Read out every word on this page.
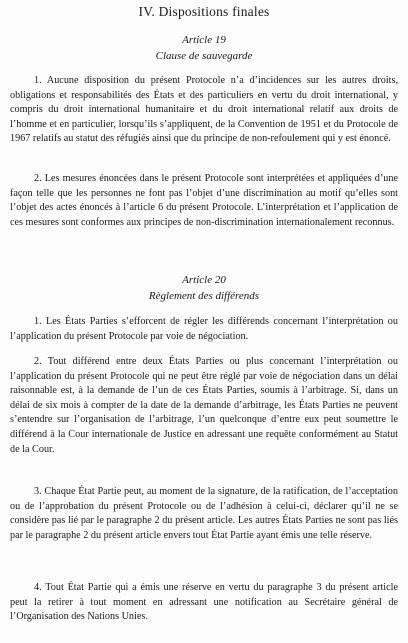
IV. Dispositions finales
Article 19
Clause de sauvegarde

1. Aucune disposition du présent Protocole n’a d’incidences sur les autres droits, obligations et responsabilités des États et des particuliers en vertu du droit international, y compris du droit international humanitaire et du droit international relatif aux droits de l’homme et en particulier, lorsqu’ils s’appliquent, de la Convention de 1951 et du Protocole de 1967 relatifs au statut des réfugiés ainsi que du principe de non-refoulement qui y est énoncé.

2. Les mesures énoncées dans le présent Protocole sont interprétées et appliquées d’une façon telle que les personnes ne font pas l’objet d’une discrimination au motif qu’elles sont l’objet des actes énoncés à l’article 6 du présent Protocole. L’interprétation et l’application de ces mesures sont conformes aux principes de non-discrimination internationalement reconnus.

Article 20
Règlement des différends

1. Les États Parties s’efforcent de régler les différends concernant l’interprétation ou l’application du présent Protocole par voie de négociation.

2. Tout différend entre deux États Parties ou plus concernant l’interprétation ou l’application du présent Protocole qui ne peut être réglé par voie de négociation dans un délai raisonnable est, à la demande de l’un de ces États Parties, soumis à l’arbitrage. Si, dans un délai de six mois à compter de la date de la demande d’arbitrage, les États Parties ne peuvent s’entendre sur l’organisation de l’arbitrage, l’un quelconque d’entre eux peut soumettre le différend à la Cour internationale de Justice en adressant une requête conformément au Statut de la Cour.

3. Chaque État Partie peut, au moment de la signature, de la ratification, de l’acceptation ou de l’approbation du présent Protocole ou de l’adhésion à celui-ci, déclarer qu’il ne se considère pas lié par le paragraphe 2 du présent article. Les autres États Parties ne sont pas liés par le paragraphe 2 du présent article envers tout État Partie ayant émis une telle réserve.

4. Tout État Partie qui a émis une réserve en vertu du paragraphe 3 du présent article peut la retirer à tout moment en adressant une notification au Secrétaire général de l’Organisation des Nations Unies.
